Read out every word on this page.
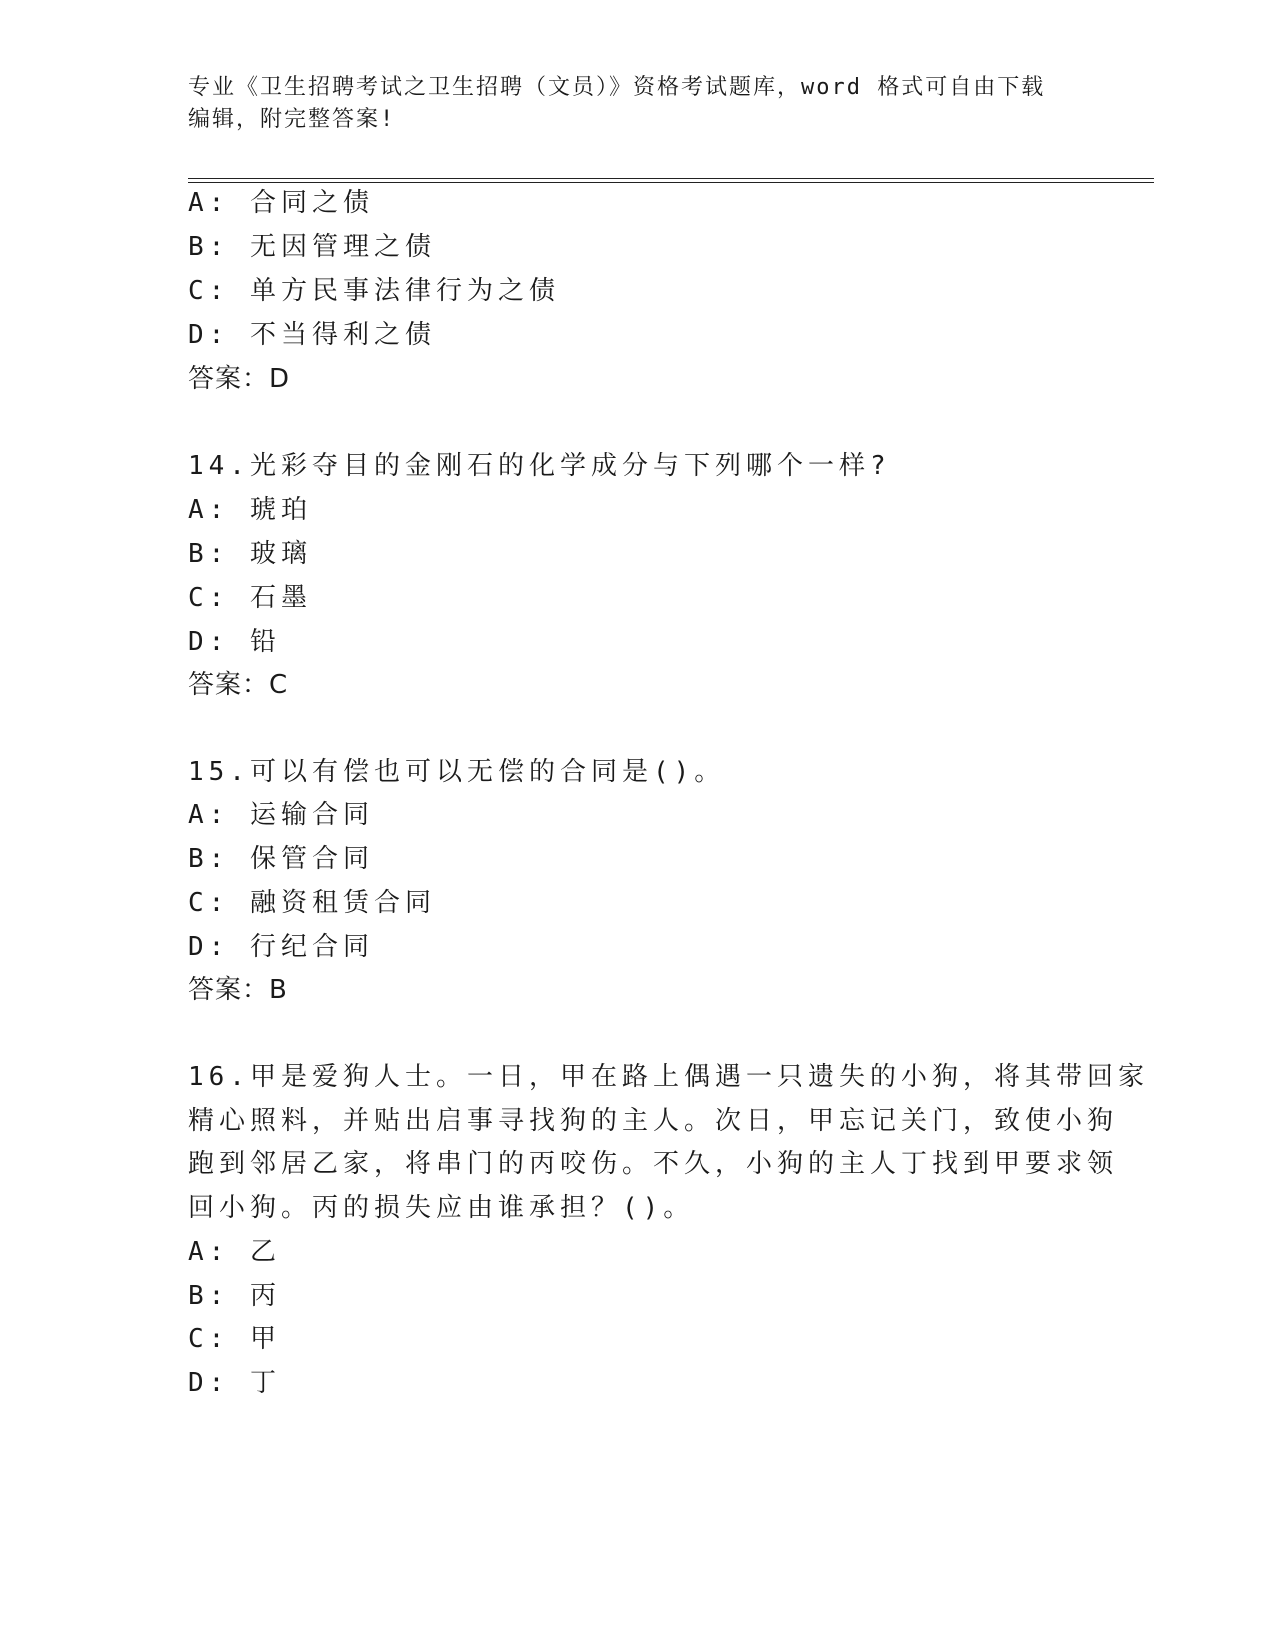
专业《卫生招聘考试之卫生招聘（文员）》资格考试题库，word 格式可自由下载
编辑，附完整答案!
A: 合同之债
B: 无因管理之债
C: 单方民事法律行为之债
D: 不当得利之债
答案：D
14.光彩夺目的金刚石的化学成分与下列哪个一样?
A: 琥珀
B: 玻璃
C: 石墨
D: 铅
答案：C
15.可以有偿也可以无偿的合同是()。
A: 运输合同
B: 保管合同
C: 融资租赁合同
D: 行纪合同
答案：B
16.甲是爱狗人士。一日，甲在路上偶遇一只遗失的小狗，将其带回家
精心照料，并贴出启事寻找狗的主人。次日，甲忘记关门，致使小狗
跑到邻居乙家，将串门的丙咬伤。不久，小狗的主人丁找到甲要求领
回小狗。丙的损失应由谁承担？()。
A: 乙
B: 丙
C: 甲
D: 丁
